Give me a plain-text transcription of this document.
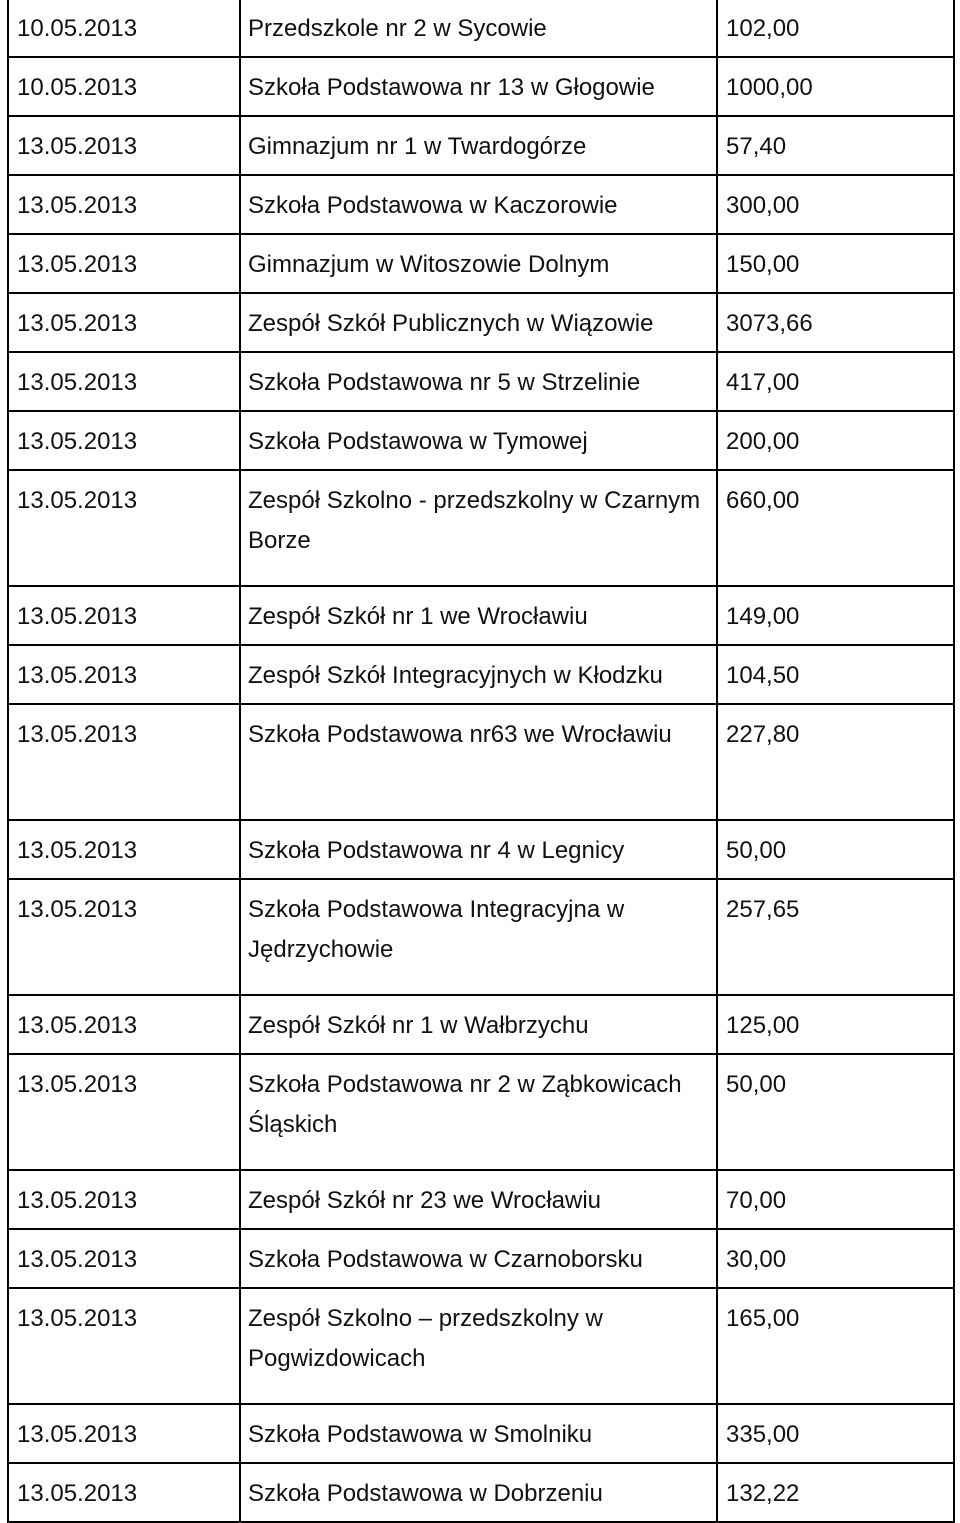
10.05.2013	Przedszkole nr 2 w Sycowie	102,00
10.05.2013	Szkoła Podstawowa nr 13 w Głogowie	1000,00
13.05.2013	Gimnazjum nr 1 w Twardogórze	57,40
13.05.2013	Szkoła Podstawowa w Kaczorowie	300,00
13.05.2013	Gimnazjum w Witoszowie Dolnym	150,00
13.05.2013	Zespół Szkół Publicznych w Wiązowie	3073,66
13.05.2013	Szkoła Podstawowa nr 5 w Strzelinie	417,00
13.05.2013	Szkoła Podstawowa w Tymowej	200,00
13.05.2013	Zespół Szkolno - przedszkolny w Czarnym Borze	660,00
13.05.2013	Zespół Szkół nr 1 we Wrocławiu	149,00
13.05.2013	Zespół Szkół Integracyjnych w Kłodzku	104,50
13.05.2013	Szkoła Podstawowa nr63 we Wrocławiu	227,80
13.05.2013	Szkoła Podstawowa nr 4 w Legnicy	50,00
13.05.2013	Szkoła Podstawowa Integracyjna w Jędrzychowie	257,65
13.05.2013	Zespół Szkół nr 1 w Wałbrzychu	125,00
13.05.2013	Szkoła Podstawowa nr 2 w Ząbkowicach Śląskich	50,00
13.05.2013	Zespół Szkół nr 23 we Wrocławiu	70,00
13.05.2013	Szkoła Podstawowa w Czarnoborsku	30,00
13.05.2013	Zespół Szkolno – przedszkolny w Pogwizdowicach	165,00
13.05.2013	Szkoła Podstawowa w Smolniku	335,00
13.05.2013	Szkoła Podstawowa w Dobrzeniu	132,22
